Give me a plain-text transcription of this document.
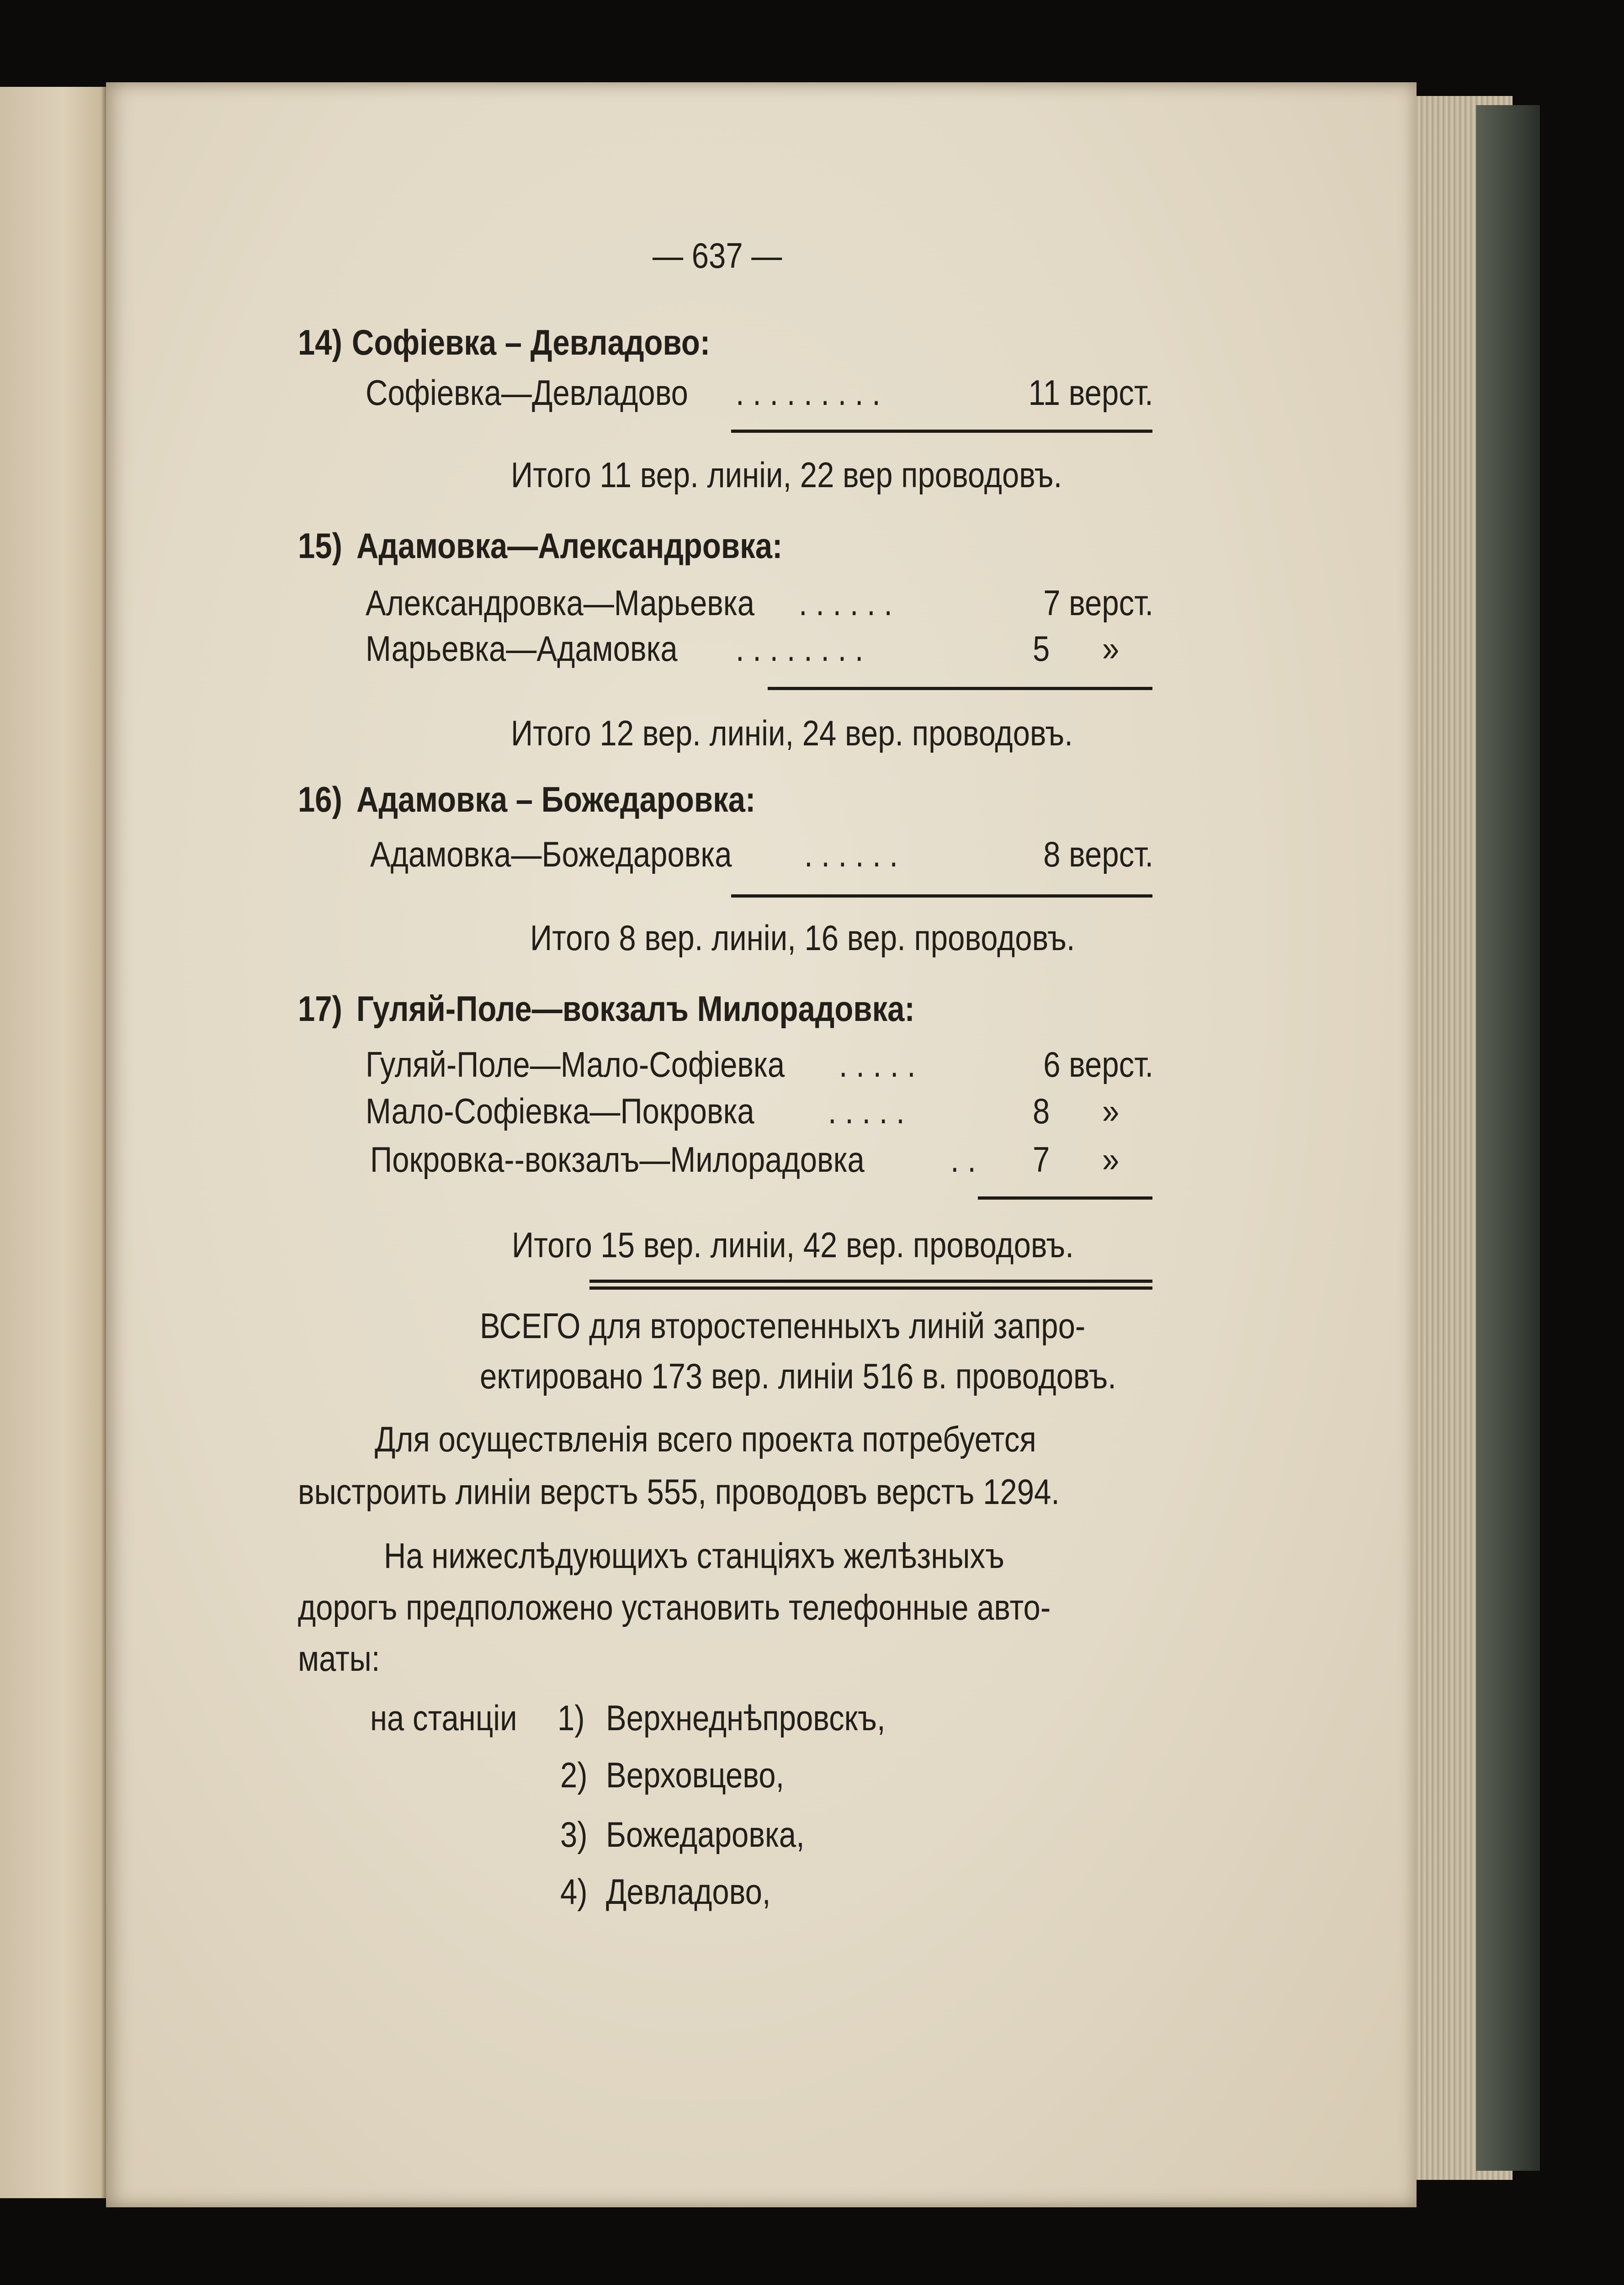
— 637 —
14) Софіевка – Девладово:
Софіевка—Девладово . . . . . . . . .	11 верст.
Итого 11 вер. линіи, 22 вер проводовъ.
15) Адамовка—Александровка:
Александровка—Марьевка . . . . . .	7 верст.
Марьевка—Адамовка . . . . . . . .	5 »
Итого 12 вер. линіи, 24 вер. проводовъ.
16) Адамовка – Божедаровка:
Адамовка—Божедаровка . . . . . .	8 верст.
Итого 8 вер. линіи, 16 вер. проводовъ.
17) Гуляй-Поле—вокзалъ Милорадовка:
Гуляй-Поле—Мало-Софіевка . . . . .	6 верст.
Мало-Софіевка—Покровка . . . . .	8 »
Покровка--вокзалъ—Милорадовка . . 7 »
Итого 15 вер. линіи, 42 вер. проводовъ.
ВСЕГО для второстепенныхъ линій запро-
ектировано 173 вер. линіи 516 в. проводовъ.
Для осуществленія всего проекта потребуется
выстроить линіи верстъ 555, проводовъ верстъ 1294.
На нижеслѣдующихъ станціяхъ желѣзныхъ
дорогъ предположено установить телефонные авто-
маты:
на станціи 1) Верхнеднѣпровскъ,
2) Верховцево,
3) Божедаровка,
4) Девладово,
